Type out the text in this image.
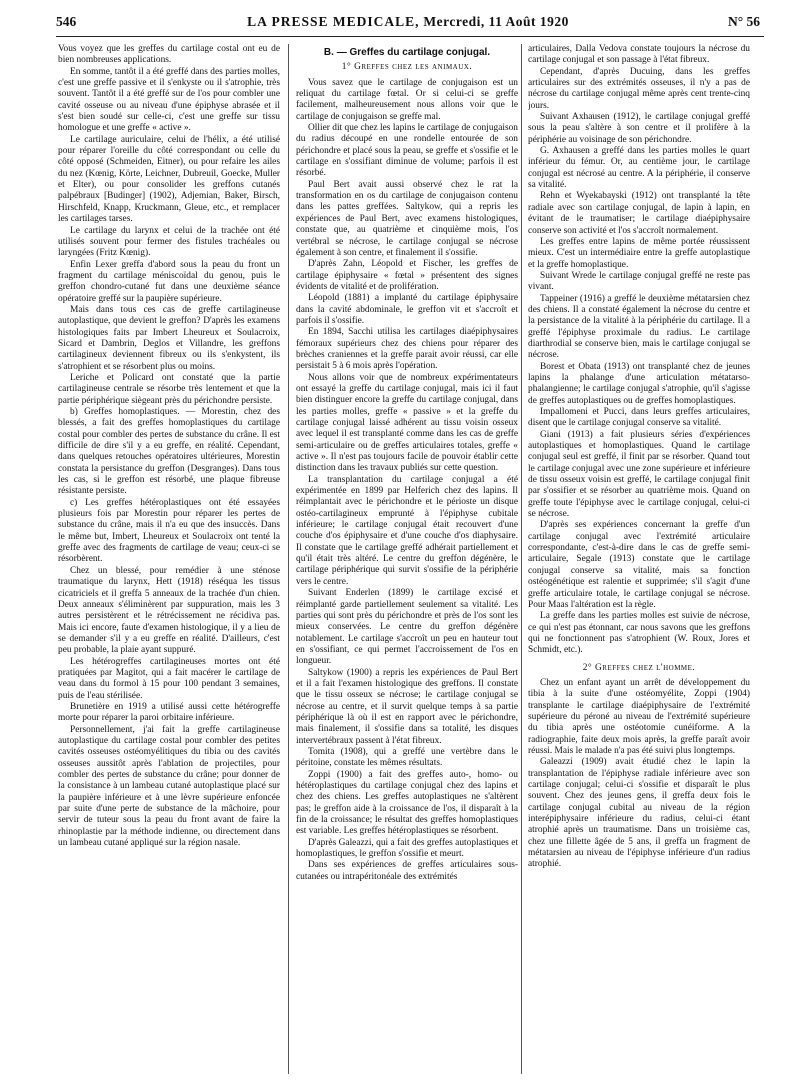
546	LA PRESSE MEDICALE, Mercredi, 11 Août 1920	N° 56

Vous voyez que les greffes du cartilage costal ont eu de bien nombreuses applications.

En somme, tantôt il a été greffé dans des parties molles, c'est une greffe passive et il s'enkyste ou il s'atrophie, très souvent. Tantôt il a été greffé sur de l'os pour combler une cavité osseuse ou au niveau d'une épiphyse abrasée et il s'est bien soudé sur celle-ci, c'est une greffe sur tissu homologue et une greffe « active ».

Le cartilage auriculaire, celui de l'hélix, a été utilisé pour réparer l'oreille du côté correspondant ou celle du côté opposé (Schmeiden, Eitner), ou pour refaire les ailes du nez (Kœnig, Körte, Leichner, Dubreuil, Goecke, Muller et Elter), ou pour consolider les greffons cutanés palpébraux [Budinger] (1902), Adjemian, Baker, Birsch, Hirschfeld, Knapp, Kruckmann, Gleue, etc., et remplacer les cartilages tarses.

Le cartilage du larynx et celui de la trachée ont été utilisés souvent pour fermer des fistules trachéales ou laryngées (Fritz Kœnig).

Enfin Lexer greffa d'abord sous la peau du front un fragment du cartilage méniscoïdal du genou, puis le greffon chondro-cutané fut dans une deuxième séance opératoire greffé sur la paupière supérieure.

Mais dans tous ces cas de greffe cartilagineuse autoplastique, que devient le greffon? D'après les examens histologiques faits par Imbert Lheureux et Soulacroix, Sicard et Dambrin, Deglos et Villandre, les greffons cartilagineux deviennent fibreux ou ils s'enkystent, ils s'atrophient et se résorbent plus ou moins.

Leriche et Policard ont constaté que la partie cartilagineuse centrale se résorbe très lentement et que la partie périphérique siègeant près du périchondre persiste.

b) Greffes homoplastiques. — Morestin, chez des blessés, a fait des greffes homoplastiques du cartilage costal pour combler des pertes de substance du crâne. Il est difficile de dire s'il y a eu greffe, en réalité. Cependant, dans quelques retouches opératoires ultérieures, Morestin constata la persistance du greffon (Desgranges). Dans tous les cas, si le greffon est résorbé, une plaque fibreuse résistante persiste.

c) Les greffes hétéroplastiques ont été essayées plusieurs fois par Morestin pour réparer les pertes de substance du crâne, mais il n'a eu que des insuccès. Dans le même but, Imbert, Lheureux et Soulacroix ont tenté la greffe avec des fragments de cartilage de veau; ceux-ci se résorbèrent.

Chez un blessé, pour remédier à une sténose traumatique du larynx, Hett (1918) réséqua les tissus cicatriciels et il greffa 5 anneaux de la trachée d'un chien. Deux anneaux s'éliminèrent par suppuration, mais les 3 autres persistèrent et le rétrécissement ne récidiva pas. Mais ici encore, faute d'examen histologique, il y a lieu de se demander s'il y a eu greffe en réalité. D'ailleurs, c'est peu probable, la plaie ayant suppuré.

Les hétérogreffes cartilagineuses mortes ont été pratiquées par Magitot, qui a fait macérer le cartilage de veau dans du formol à 15 pour 100 pendant 3 semaines, puis de l'eau stérilisée.

Brunetière en 1919 a utilisé aussi cette hétérogreffe morte pour réparer la paroi orbitaire inférieure.

Personnellement, j'ai fait la greffe cartilagineuse autoplastique du cartilage costal pour combler des petites cavités osseuses ostéomyélitiques du tibia ou des cavités osseuses aussitôt après l'ablation de projectiles, pour combler des pertes de substance du crâne; pour donner de la consistance à un lambeau cutané autoplastique placé sur la paupière inférieure et à une lèvre supérieure enfoncée par suite d'une perte de substance de la mâchoire, pour servir de tuteur sous la peau du front avant de faire la rhinoplastie par la méthode indienne, ou directement dans un lambeau cutané appliqué sur la région nasale.

B. — Greffes du cartilage conjugal.
1° Greffes chez les animaux.

Vous savez que le cartilage de conjugaison est un reliquat du cartilage fœtal. Or si celui-ci se greffe facilement, malheureusement nous allons voir que le cartilage de conjugaison se greffe mal.

Ollier dit que chez les lapins le cartilage de conjugaison du radius découpé en une rondelle entourée de son périchondre et placé sous la peau, se greffe et s'ossifie et le cartilage en s'ossifiant diminue de volume; parfois il est résorbé.

Paul Bert avait aussi observé chez le rat la transformation en os du cartilage de conjugaison contenu dans les pattes greffées. Saltykow, qui a repris les expériences de Paul Bert, avec examens histologiques, constate que, au quatrième et cinquième mois, l'os vertébral se nécrose, le cartilage conjugal se nécrose également à son centre, et finalement il s'ossifie.

D'après Zahn, Léopold et Fischer, les greffes de cartilage épiphysaire « fœtal » présentent des signes évidents de vitalité et de prolifération.

Léopold (1881) a implanté du cartilage épiphysaire dans la cavité abdominale, le greffon vit et s'accroît et parfois il s'ossifie.

En 1894, Sacchi utilisa les cartilages diaépiphysaires fémoraux supérieurs chez des chiens pour réparer des brèches craniennes et la greffe parait avoir réussi, car elle persistait 5 à 6 mois après l'opération.

Nous allons voir que de nombreux expérimentateurs ont essayé la greffe du cartilage conjugal, mais ici il faut bien distinguer encore la greffe du cartilage conjugal, dans les parties molles, greffe « passive » et la greffe du cartilage conjugal laissé adhérent au tissu voisin osseux avec lequel il est transplanté comme dans les cas de greffe semi-articulaire ou de greffes articulaires totales, greffe « active ». Il n'est pas toujours facile de pouvoir établir cette distinction dans les travaux publiés sur cette question.

La transplantation du cartilage conjugal a été expérimentée en 1899 par Helferich chez des lapins. Il réimplantait avec le périchondre et le périoste un disque ostéo-cartilagineux emprunté à l'épiphyse cubitale inférieure; le cartilage conjugal était recouvert d'une couche d'os épiphysaire et d'une couche d'os diaphysaire. Il constate que le cartilage greffé adhérait partiellement et qu'il était très altéré. Le centre du greffon dégénère, le cartilage périphérique qui survit s'ossifie de la périphérie vers le centre.

Suivant Enderlen (1899) le cartilage excisé et réimplanté garde partiellement seulement sa vitalité. Les parties qui sont près du périchondre et près de l'os sont les mieux conservées. Le centre du greffon dégénère notablement. Le cartilage s'accroît un peu en hauteur tout en s'ossifiant, ce qui permet l'accroissement de l'os en longueur.

Saltykow (1900) a repris les expériences de Paul Bert et il a fait l'examen histologique des greffons. Il constate que le tissu osseux se nécrose; le cartilage conjugal se nécrose au centre, et il survit quelque temps à sa partie périphérique là où il est en rapport avec le périchondre, mais finalement, il s'ossifie dans sa totalité, les disques intervertébraux passent à l'état fibreux.

Tomita (1908), qui a greffé une vertèbre dans le péritoine, constate les mêmes résultats.

Zoppi (1900) a fait des greffes auto-, homo- ou hétéroplastiques du cartilage conjugal chez des lapins et chez des chiens. Les greffes autoplastiques ne s'altèrent pas; le greffon aide à la croissance de l'os, il disparaît à la fin de la croissance; le résultat des greffes homoplastiques est variable. Les greffes hétéroplastiques se résorbent.

D'après Galeazzi, qui a fait des greffes autoplastiques et homoplastiques, le greffon s'ossifie et meurt.

Dans ses expériences de greffes articulaires sous-cutanées ou intrapéritonéale des extrémités

articulaires, Dalla Vedova constate toujours la nécrose du cartilage conjugal et son passage à l'état fibreux.

Cependant, d'après Ducuing, dans les greffes articulaires sur des extrémités osseuses, il n'y a pas de nécrose du cartilage conjugal même après cent trente-cinq jours.

Suivant Axhausen (1912), le cartilage conjugal greffé sous la peau s'altère à son centre et il prolifère à la périphérie au voisinage de son périchondre.

G. Axhausen a greffé dans les parties molles le quart inférieur du fémur. Or, au centième jour, le cartilage conjugal est nécrosé au centre. A la périphérie, il conserve sa vitalité.

Rehn et Wyekabayski (1912) ont transplanté la tête radiale avec son cartilage conjugal, de lapin à lapin, en évitant de le traumatiser; le cartilage diaépiphysaire conserve son activité et l'os s'accroît normalement.

Les greffes entre lapins de même portée réussissent mieux. C'est un intermédiaire entre la greffe autoplastique et la greffe homoplastique.

Suivant Wrede le cartilage conjugal greffé ne reste pas vivant.

Tappeiner (1916) a greffé le deuxième métatarsien chez des chiens. Il a constaté également la nécrose du centre et la persistance de la vitalité à la périphérie du cartilage. Il a greffé l'épiphyse proximale du radius. Le cartilage diarthrodial se conserve bien, mais le cartilage conjugal se nécrose.

Borest et Obata (1913) ont transplanté chez de jeunes lapins la phalange d'une articulation métatarso-phalangienne; le cartilage conjugal s'atrophie, qu'il s'agisse de greffes autoplastiques ou de greffes homoplastiques.

Impallomeni et Pucci, dans leurs greffes articulaires, disent que le cartilage conjugal conserve sa vitalité.

Giani (1913) a fait plusieurs séries d'expériences autoplastiques et homoplastiques. Quand le cartilage conjugal seul est greffé, il finit par se résorber. Quand tout le cartilage conjugal avec une zone supérieure et inférieure de tissu osseux voisin est greffé, le cartilage conjugal finit par s'ossifier et se résorber au quatrième mois. Quand on greffe toute l'épiphyse avec le cartilage conjugal, celui-ci se nécrose.

D'après ses expériences concernant la greffe d'un cartilage conjugal avec l'extrémité articulaire correspondante, c'est-à-dire dans le cas de greffe semi-articulaire, Segale (1913) constate que le cartilage conjugal conserve sa vitalité, mais sa fonction ostéogénétique est ralentie et supprimée; s'il s'agit d'une greffe articulaire totale, le cartilage conjugal se nécrose. Pour Maas l'altération est la règle.

La greffe dans les parties molles est suivie de nécrose, ce qui n'est pas étonnant, car nous savons que les greffons qui ne fonctionnent pas s'atrophient (W. Roux, Jores et Schmidt, etc.).

2° Greffes chez l'homme.

Chez un enfant ayant un arrêt de développement du tibia à la suite d'une ostéomyélite, Zoppi (1904) transplante le cartilage diaépiphysaire de l'extrémité supérieure du péroné au niveau de l'extrémité supérieure du tibia après une ostéotomie cunéiforme. A la radiographie, faite deux mois après, la greffe paraît avoir réussi. Mais le malade n'a pas été suivi plus longtemps.

Galeazzi (1909) avait étudié chez le lapin la transplantation de l'épiphyse radiale inférieure avec son cartilage conjugal; celui-ci s'ossifie et disparaît le plus souvent. Chez des jeunes gens, il greffa deux fois le cartilage conjugal cubital au niveau de la région interépiphysaire inférieure du radius, celui-ci étant atrophié après un traumatisme. Dans un troisième cas, chez une fillette âgée de 5 ans, il greffa un fragment de métatarsien au niveau de l'épiphyse inférieure d'un radius atrophié.
